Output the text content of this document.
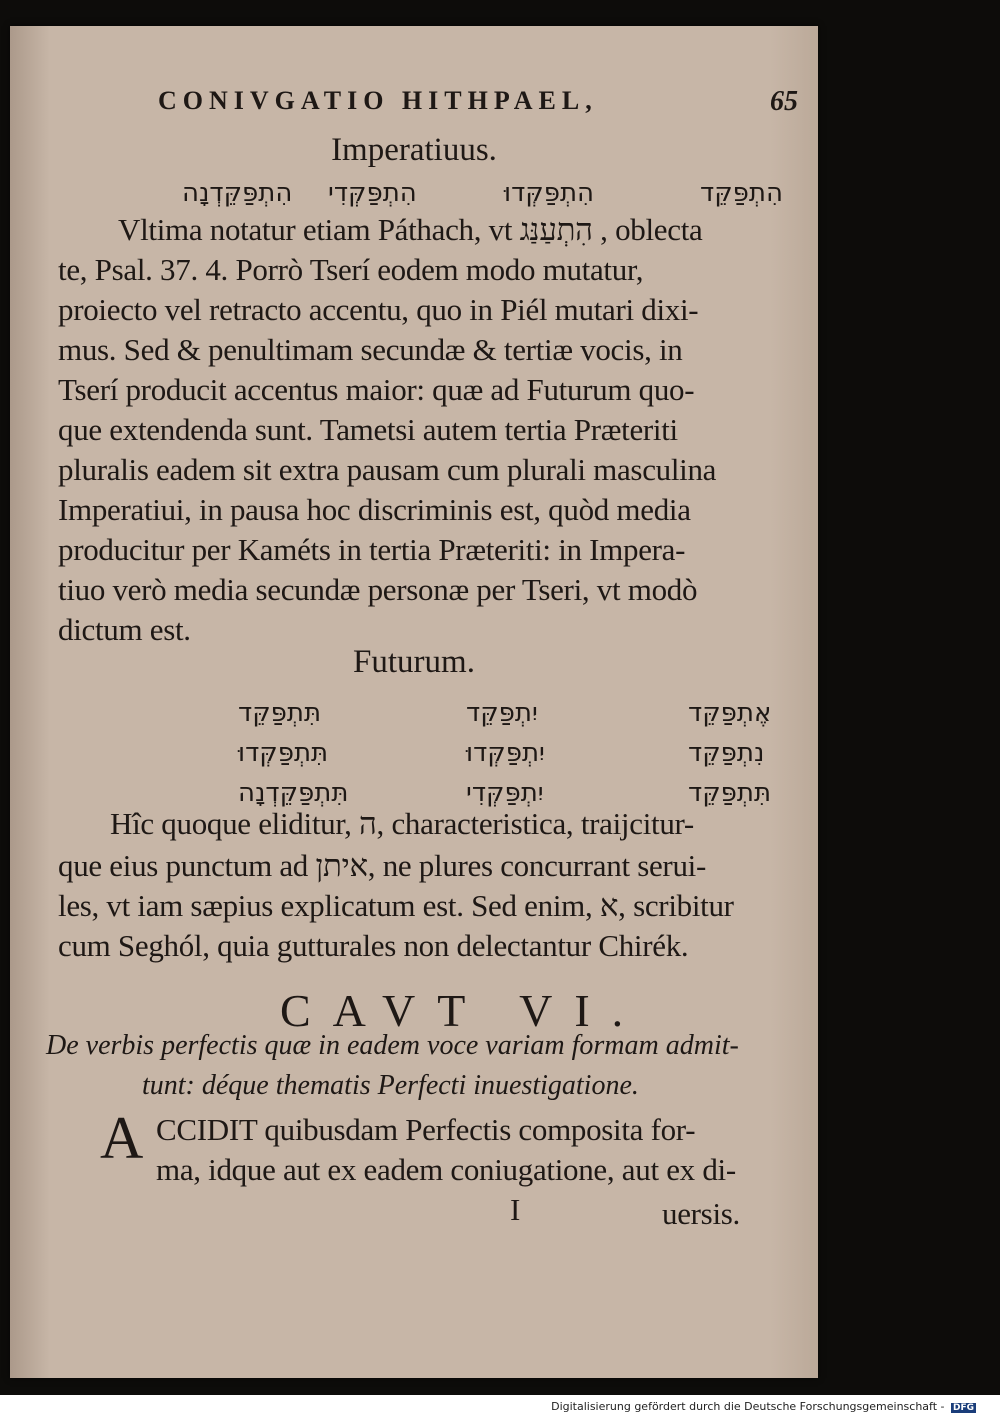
CONIVGATIO HITHPAEL,	65
Imperatiuus.
הִתְפַּקֵּד
הִתְפַּקְּדוּ
הִתְפַּקְּדִי
הִתְפַּקֵּדְנָה
Vltima notatur etiam Páthach, vt הִתְעַנַּג , oblecta
te, Psal. 37. 4. Porrò Tserí eodem modo mutatur,
proiecto vel retracto accentu, quo in Piél mutari dixi-
mus. Sed & penultimam secundæ & tertiæ vocis, in
Tserí producit accentus maior: quæ ad Futurum quo-
que extendenda sunt. Tametsi autem tertia Præteriti
pluralis eadem sit extra pausam cum plurali masculina
Imperatiui, in pausa hoc discriminis est, quòd media
producitur per Kaméts in tertia Præteriti: in Impera-
tiuo verò media secundæ personæ per Tseri, vt modò
dictum est.
Futurum.
אֶתְפַּקֵּד
נִתְפַּקֵּד
תִּתְפַּקֵּד
יִתְפַּקֵּד
יִתְפַּקְּדוּ
יִתְפַּקְּדִי
תִּתְפַּקֵּד
תִּתְפַּקְּדוּ
תִּתְפַּקֵּדְנָה
Hîc quoque eliditur, ה, characteristica, traijcitur-
que eius punctum ad איתן, ne plures concurrant serui-
les, vt iam sæpius explicatum est. Sed enim, א, scribitur
cum Seghól, quia gutturales non delectantur Chirék.
CAVT VI.
De verbis perfectis quæ in eadem voce variam formam admit-
tunt: déque thematis Perfecti inuestigatione.
A CCIDIT quibusdam Perfectis composita for-
ma, idque aut ex eadem coniugatione, aut ex di-
I	uersis.
Digitalisierung gefördert durch die Deutsche Forschungsgemeinschaft - DFG
